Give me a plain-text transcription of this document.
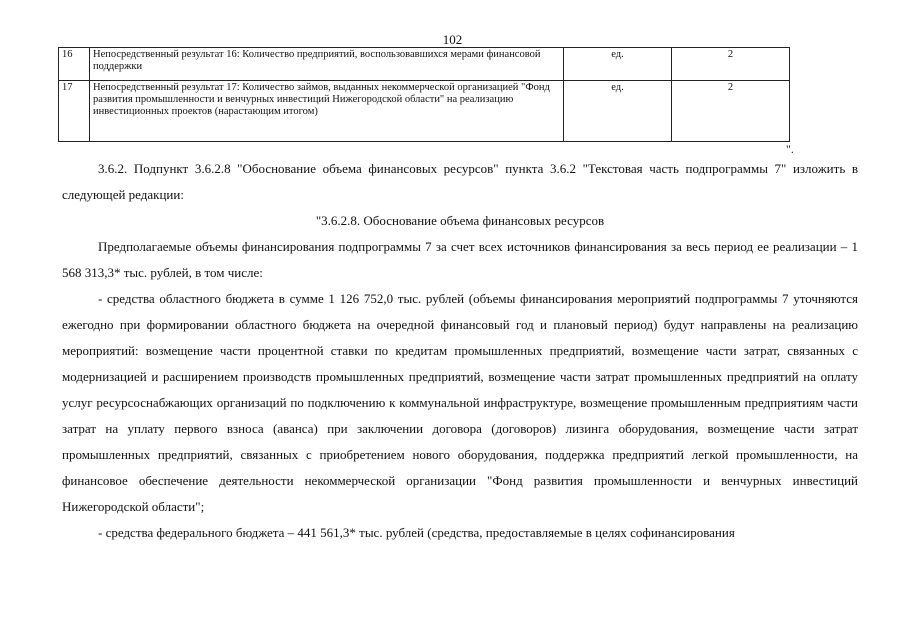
102
16	Непосредственный результат 16: Количество предприятий, воспользовавшихся мерами финансовой поддержки	ед.	2
17	Непосредственный результат 17: Количество займов, выданных некоммерческой организацией "Фонд развития промышленности и венчурных инвестиций Нижегородской области" на реализацию инвестиционных проектов (нарастающим итогом)	ед.	2
".

3.6.2. Подпункт 3.6.2.8 "Обоснование объема финансовых ресурсов" пункта 3.6.2 "Текстовая часть подпрограммы 7" изложить в следующей редакции:

"3.6.2.8. Обоснование объема финансовых ресурсов

Предполагаемые объемы финансирования подпрограммы 7 за счет всех источников финансирования за весь период ее реализации – 1 568 313,3* тыс. рублей, в том числе:

- средства областного бюджета в сумме 1 126 752,0 тыс. рублей (объемы финансирования мероприятий подпрограммы 7 уточняются ежегодно при формировании областного бюджета на очередной финансовый год и плановый период) будут направлены на реализацию мероприятий: возмещение части процентной ставки по кредитам промышленных предприятий, возмещение части затрат, связанных с модернизацией и расширением производств промышленных предприятий, возмещение части затрат промышленных предприятий на оплату услуг ресурсоснабжающих организаций по подключению к коммунальной инфраструктуре, возмещение промышленным предприятиям части затрат на уплату первого взноса (аванса) при заключении договора (договоров) лизинга оборудования, возмещение части затрат промышленных предприятий, связанных с приобретением нового оборудования, поддержка предприятий легкой промышленности, на финансовое обеспечение деятельности некоммерческой организации "Фонд развития промышленности и венчурных инвестиций Нижегородской области";

- средства федерального бюджета – 441 561,3* тыс. рублей (средства, предоставляемые в целях софинансирования
